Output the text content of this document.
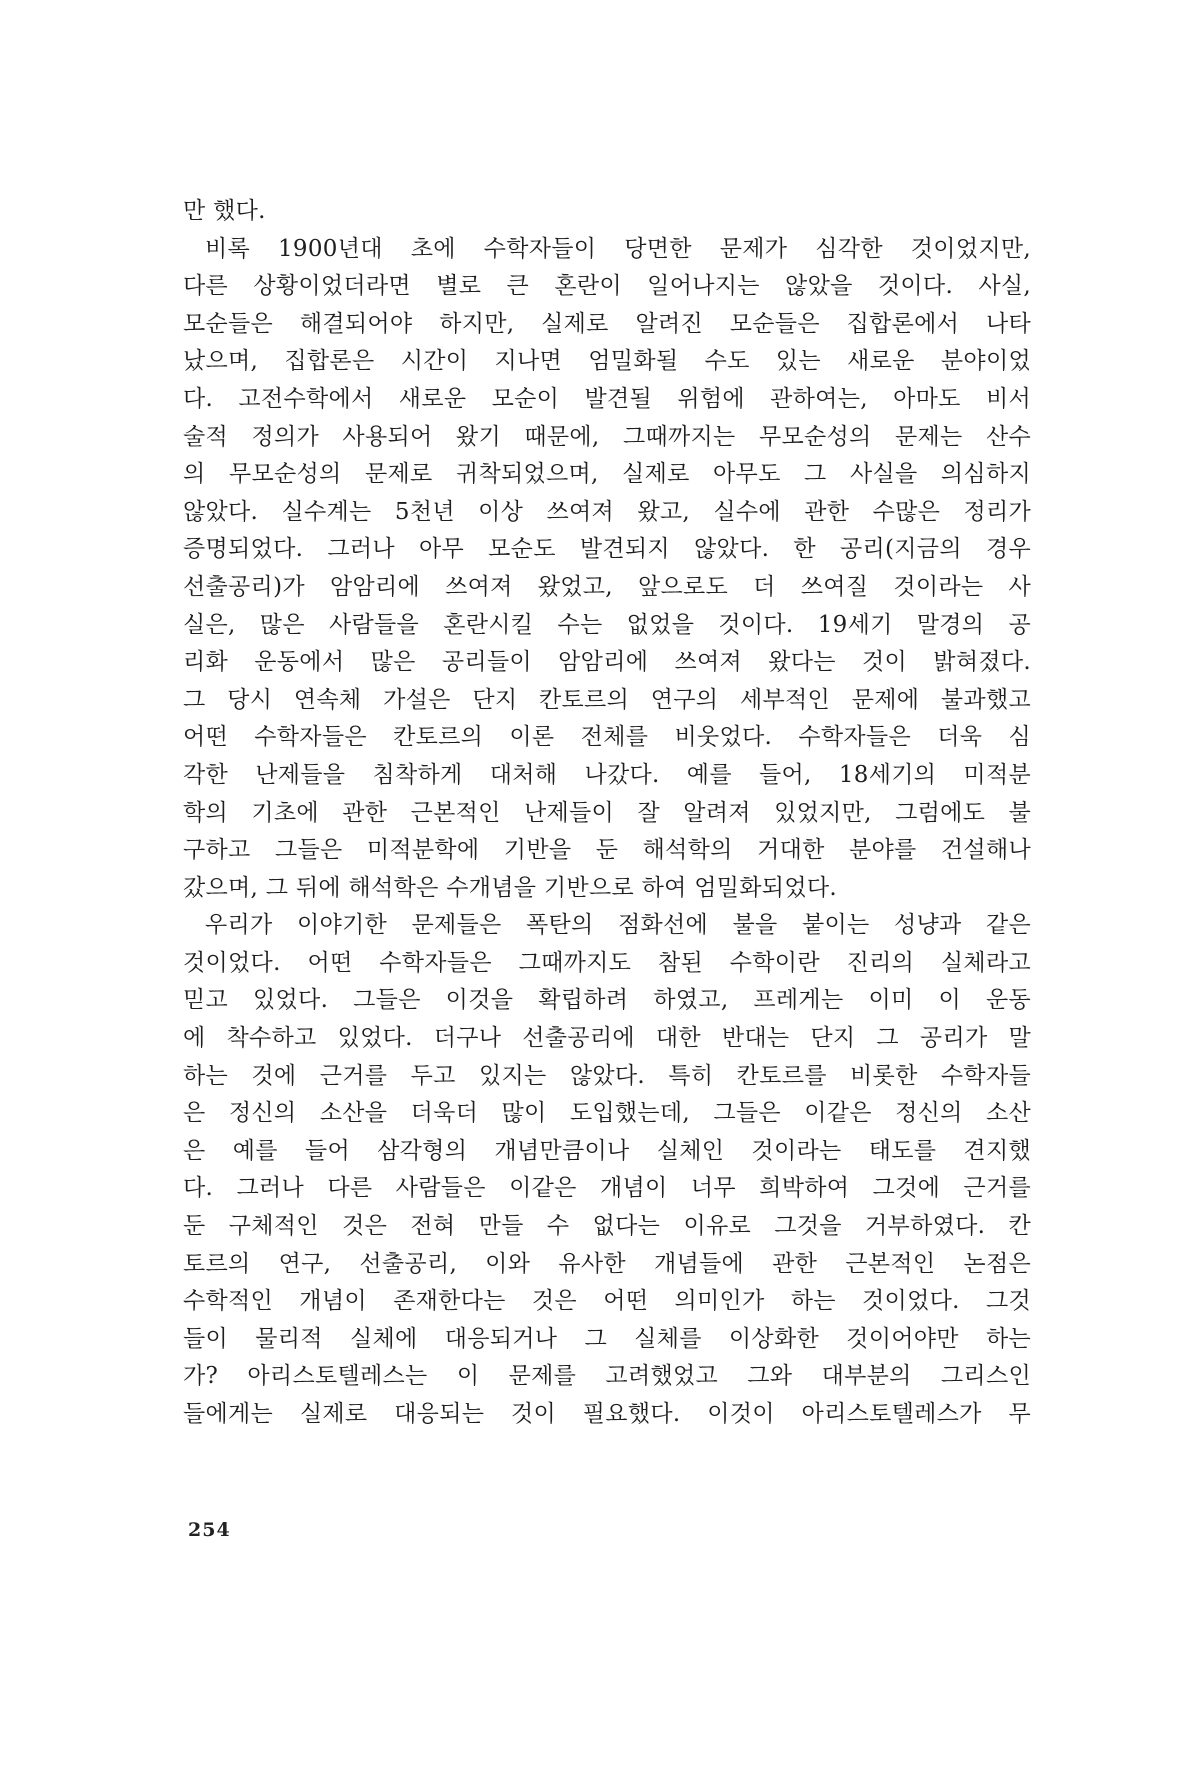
만 했다.
비록 1900년대 초에 수학자들이 당면한 문제가 심각한 것이었지만,
다른 상황이었더라면 별로 큰 혼란이 일어나지는 않았을 것이다. 사실,
모순들은 해결되어야 하지만, 실제로 알려진 모순들은 집합론에서 나타
났으며, 집합론은 시간이 지나면 엄밀화될 수도 있는 새로운 분야이었
다. 고전수학에서 새로운 모순이 발견될 위험에 관하여는, 아마도 비서
술적 정의가 사용되어 왔기 때문에, 그때까지는 무모순성의 문제는 산수
의 무모순성의 문제로 귀착되었으며, 실제로 아무도 그 사실을 의심하지
않았다. 실수계는 5천년 이상 쓰여져 왔고, 실수에 관한 수많은 정리가
증명되었다. 그러나 아무 모순도 발견되지 않았다. 한 공리(지금의 경우
선출공리)가 암암리에 쓰여져 왔었고, 앞으로도 더 쓰여질 것이라는 사
실은, 많은 사람들을 혼란시킬 수는 없었을 것이다. 19세기 말경의 공
리화 운동에서 많은 공리들이 암암리에 쓰여져 왔다는 것이 밝혀졌다.
그 당시 연속체 가설은 단지 칸토르의 연구의 세부적인 문제에 불과했고
어떤 수학자들은 칸토르의 이론 전체를 비웃었다. 수학자들은 더욱 심
각한 난제들을 침착하게 대처해 나갔다. 예를 들어, 18세기의 미적분
학의 기초에 관한 근본적인 난제들이 잘 알려져 있었지만, 그럼에도 불
구하고 그들은 미적분학에 기반을 둔 해석학의 거대한 분야를 건설해나
갔으며, 그 뒤에 해석학은 수개념을 기반으로 하여 엄밀화되었다.
우리가 이야기한 문제들은 폭탄의 점화선에 불을 붙이는 성냥과 같은
것이었다. 어떤 수학자들은 그때까지도 참된 수학이란 진리의 실체라고
믿고 있었다. 그들은 이것을 확립하려 하였고, 프레게는 이미 이 운동
에 착수하고 있었다. 더구나 선출공리에 대한 반대는 단지 그 공리가 말
하는 것에 근거를 두고 있지는 않았다. 특히 칸토르를 비롯한 수학자들
은 정신의 소산을 더욱더 많이 도입했는데, 그들은 이같은 정신의 소산
은 예를 들어 삼각형의 개념만큼이나 실체인 것이라는 태도를 견지했
다. 그러나 다른 사람들은 이같은 개념이 너무 희박하여 그것에 근거를
둔 구체적인 것은 전혀 만들 수 없다는 이유로 그것을 거부하였다. 칸
토르의 연구, 선출공리, 이와 유사한 개념들에 관한 근본적인 논점은
수학적인 개념이 존재한다는 것은 어떤 의미인가 하는 것이었다. 그것
들이 물리적 실체에 대응되거나 그 실체를 이상화한 것이어야만 하는
가? 아리스토텔레스는 이 문제를 고려했었고 그와 대부분의 그리스인
들에게는 실제로 대응되는 것이 필요했다. 이것이 아리스토텔레스가 무
254
